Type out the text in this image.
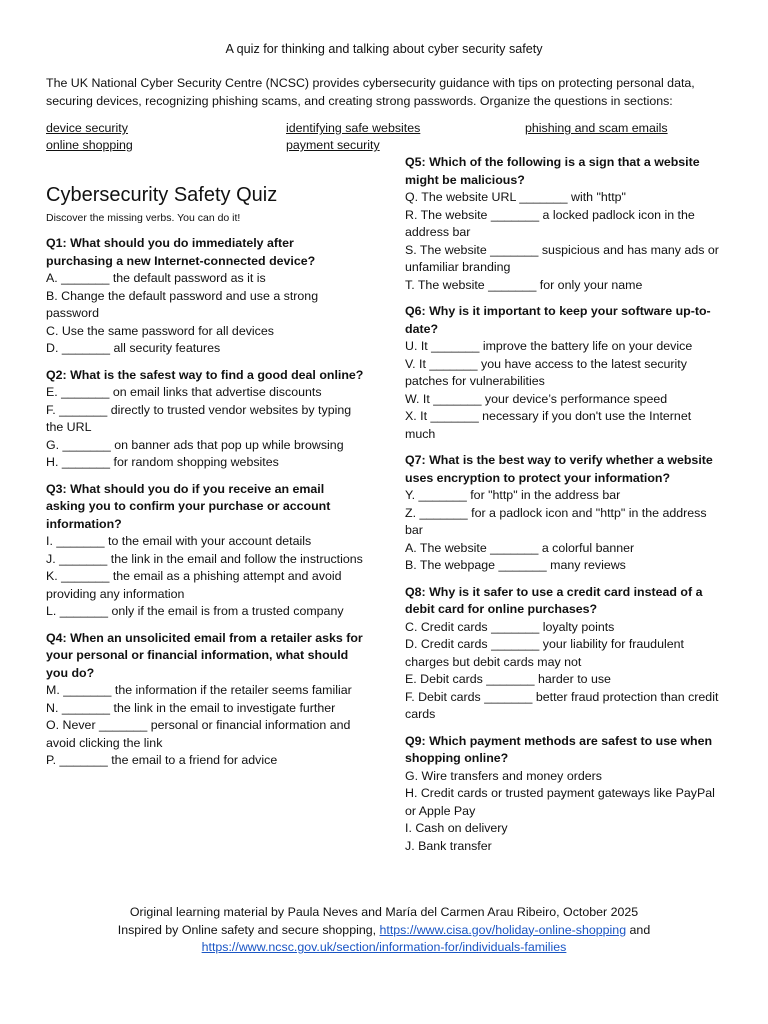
A quiz for thinking and talking about cyber security safety
The UK National Cyber Security Centre (NCSC) provides cybersecurity guidance with tips on protecting personal data, securing devices, recognizing phishing scams, and creating strong passwords. Organize the questions in sections:
device security	identifying safe websites	phishing and scam emails
online shopping	payment security
Cybersecurity Safety Quiz
Discover the missing verbs. You can do it!
Q1: What should you do immediately after purchasing a new Internet-connected device?
A. _______ the default password as it is
B. Change the default password and use a strong password
C. Use the same password for all devices
D. _______ all security features
Q2: What is the safest way to find a good deal online?
E. _______ on email links that advertise discounts
F. _______ directly to trusted vendor websites by typing the URL
G. _______ on banner ads that pop up while browsing
H. _______ for random shopping websites
Q3: What should you do if you receive an email asking you to confirm your purchase or account information?
I. _______ to the email with your account details
J. _______ the link in the email and follow the instructions
K. _______ the email as a phishing attempt and avoid providing any information
L. _______ only if the email is from a trusted company
Q4: When an unsolicited email from a retailer asks for your personal or financial information, what should you do?
M. _______ the information if the retailer seems familiar
N. _______ the link in the email to investigate further
O. Never _______ personal or financial information and avoid clicking the link
P. _______ the email to a friend for advice
Q5: Which of the following is a sign that a website might be malicious?
Q. The website URL _______ with "http"
R. The website _______ a locked padlock icon in the address bar
S. The website _______ suspicious and has many ads or unfamiliar branding
T. The website _______ for only your name
Q6: Why is it important to keep your software up-to-date?
U. It _______ improve the battery life on your device
V. It _______ you have access to the latest security patches for vulnerabilities
W. It _______ your device’s performance speed
X. It _______ necessary if you don't use the Internet much
Q7: What is the best way to verify whether a website uses encryption to protect your information?
Y. _______ for "http" in the address bar
Z. _______ for a padlock icon and "http" in the address bar
A. The website _______ a colorful banner
B. The webpage _______ many reviews
Q8: Why is it safer to use a credit card instead of a debit card for online purchases?
C. Credit cards _______ loyalty points
D. Credit cards _______ your liability for fraudulent charges but debit cards may not
E. Debit cards _______ harder to use
F. Debit cards _______ better fraud protection than credit cards
Q9: Which payment methods are safest to use when shopping online?
G. Wire transfers and money orders
H. Credit cards or trusted payment gateways like PayPal or Apple Pay
I. Cash on delivery
J. Bank transfer
Original learning material by Paula Neves and María del Carmen Arau Ribeiro, October 2025
Inspired by Online safety and secure shopping, https://www.cisa.gov/holiday-online-shopping and
https://www.ncsc.gov.uk/section/information-for/individuals-families
